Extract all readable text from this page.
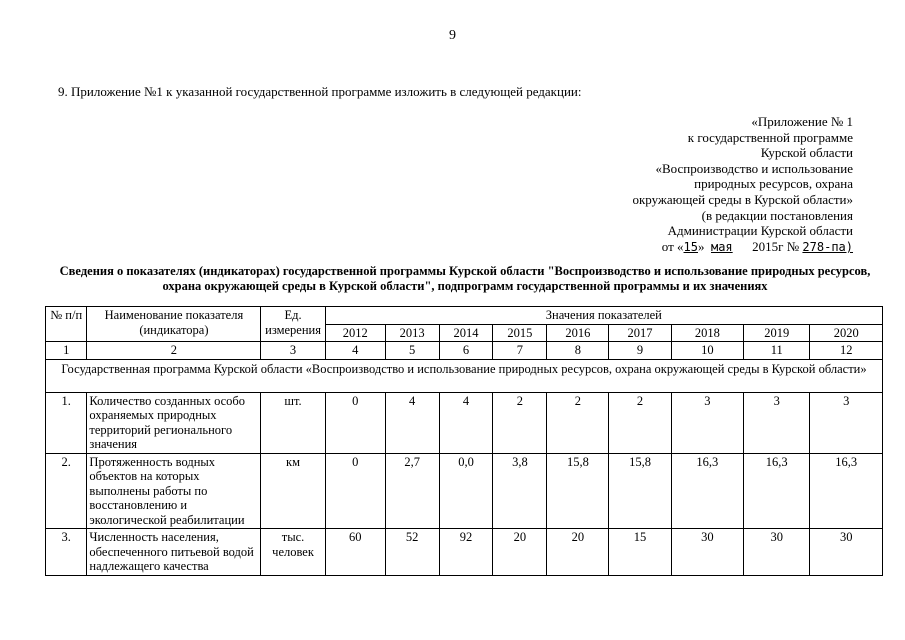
9
9. Приложение №1 к указанной государственной программе изложить в следующей редакции:
«Приложение № 1
к государственной программе
Курской области
«Воспроизводство и использование
природных ресурсов, охрана
окружающей среды в Курской области»
(в редакции постановления
Администрации Курской области
от «15» мая 2015г № 278-па)
Сведения о показателях (индикаторах) государственной программы Курской области "Воспроизводство и использование природных ресурсов, охрана окружающей среды в Курской области", подпрограмм государственной программы и их значениях
№ п/п	Наименование показателя (индикатора)	Ед. измерения	Значения показателей								
			2012	2013	2014	2015	2016	2017	2018	2019	2020
1	2	3	4	5	6	7	8	9	10	11	12
Государственная программа Курской области «Воспроизводство и использование природных ресурсов, охрана окружающей среды в Курской области»											
1.	Количество созданных особо охраняемых природных территорий регионального значения	шт.	0	4	4	2	2	2	3	3	3
2.	Протяженность водных объектов на которых выполнены работы по восстановлению и экологической реабилитации	км	0	2,7	0,0	3,8	15,8	15,8	16,3	16,3	16,3
3.	Численность населения, обеспеченного питьевой водой надлежащего качества	тыс. человек	60	52	92	20	20	15	30	30	30
